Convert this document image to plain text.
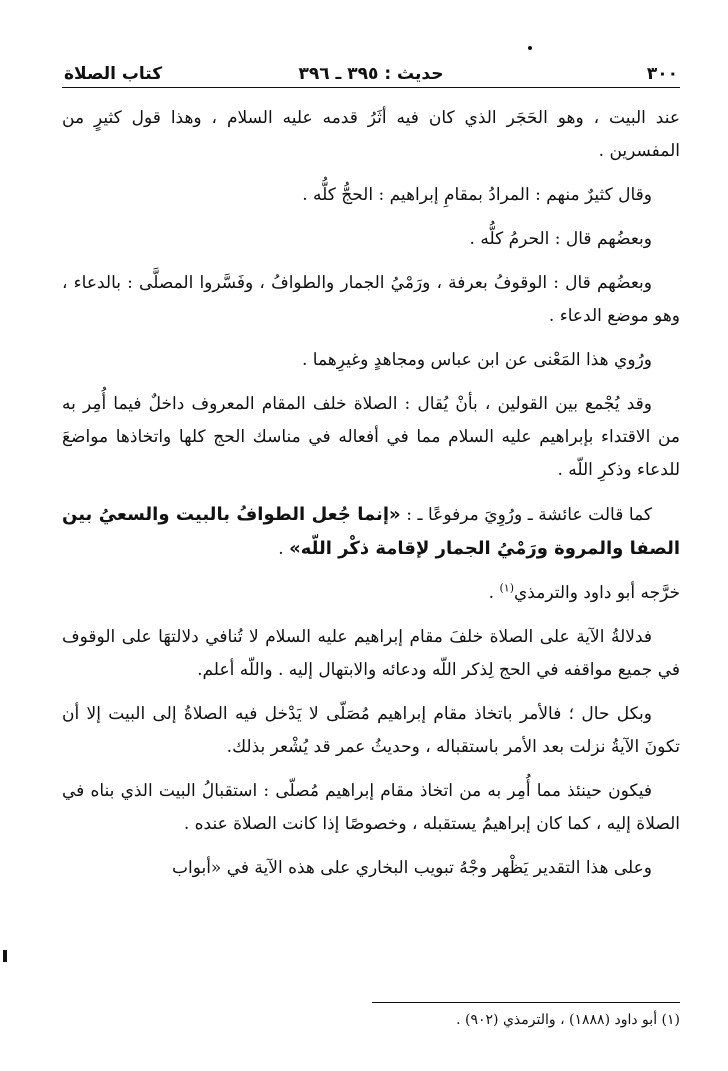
٣٠٠
حديث : ٣٩٥ ـ ٣٩٦
كتاب الصلاة

عند البيت ، وهو الحَجَر الذي كان فيه أثَرُ قدمه عليه السلام ، وهذا قول كثيرٍ من المفسرين .

وقال كثيرٌ منهم : المرادُ بمقامِ إبراهيم : الحجُّ كلُّه .

وبعضُهم قال : الحرمُ كلُّه .

وبعضُهم قال : الوقوفُ بعرفة ، ورَمْيُ الجمار والطوافُ ، وفَسَّروا المصلَّى : بالدعاء ، وهو موضع الدعاء .

ورُوي هذا المَعْنى عن ابن عباس ومجاهدٍ وغيرِهما .

وقد يُجْمع بين القولين ، بأنْ يُقال : الصلاة خلف المقام المعروف داخلٌ فيما أُمِر به من الاقتداء بإبراهيم عليه السلام مما في أفعاله في مناسك الحج كلها واتخاذها مواضعَ للدعاء وذكرِ اللّه .

كما قالت عائشة ـ ورُوِيَ مرفوعًا ـ : «إنما جُعل الطوافُ بالبيت والسعيُ بين الصفا والمروة ورَمْيُ الجمار لإقامة ذكْر اللّه» .

خرَّجه أبو داود والترمذي$^{(١)}$ .

فدلالةُ الآية على الصلاة خلفَ مقام إبراهيم عليه السلام لا تُنافي دلالتهَا على الوقوف في جميع مواقفه في الحج لِذكر اللّه ودعائه والابتهال إليه . واللّه أعلم.

وبكل حال ؛ فالأمر باتخاذ مقام إبراهيم مُصَلّى لا يَدْخل فيه الصلاةُ إلى البيت إلا أن تكونَ الآيةُ نزلت بعد الأمر باستقباله ، وحديثُ عمر قد يُشْعر بذلك.

فيكون حينئذ مما أُمِر به من اتخاذ مقام إبراهيم مُصلّى : استقبالُ البيت الذي بناه في الصلاة إليه ، كما كان إبراهيمُ يستقبله ، وخصوصًا إذا كانت الصلاة عنده .

وعلى هذا التقدير يَظْهر وجْهُ تبويب البخاري على هذه الآية في «أبواب

(١) أبو داود (١٨٨٨) ، والترمذي (٩٠٢) .
